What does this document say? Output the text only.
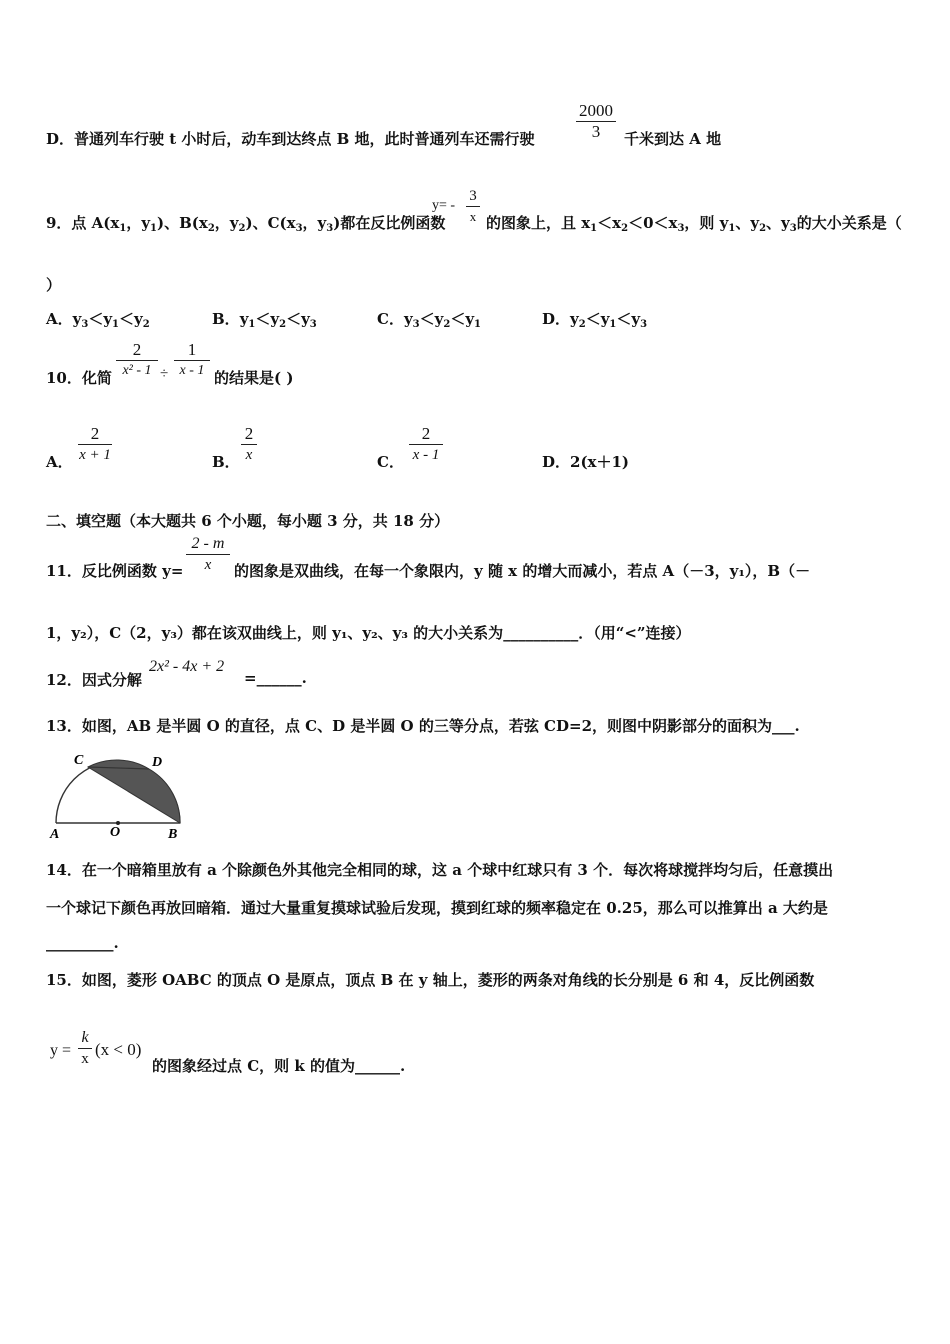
D．普通列车行驶 t 小时后，动车到达终点 B 地，此时普通列车还需行驶
2000
3	千米到达 A 地
9．点 $A(x_1$，$y_1$)、$B(x_2$，$y_2$)、$C(x_3$，$y_3$)都在反比例函数
y= -
3
x 的图象上，且 $x_1<x_2<0<x_3$，则 $y_1$、$y_2$、$y_3$的大小关系是（
）
A．$y_3<y_1<y_2$	B．$y_1<y_2<y_3$	C．$y_3<y_2<y_1$	D．$y_2<y_1<y_3$
10．化简
2
x² - 1 ÷
1
x - 1 的结果是( )
A．
2
x + 1	B．
2
x	C．
2
x - 1	D．2(x＋1)
二、填空题（本大题共 6 个小题，每小题 3 分，共 18 分）
11．反比例函数 y=
2 - m
x	的图象是双曲线，在每一个象限内，y 随 x 的增大而减小，若点 A（－3，y₁），B（－
1，y₂），C（2，y₃）都在该双曲线上，则 y₁、y₂、y₃ 的大小关系为__________．（用“<”连接）
12．因式分解
2x² - 4x + 2
=______.
13．如图，AB 是半圆 O 的直径，点 C、D 是半圆 O 的三等分点，若弦 CD=2，则图中阴影部分的面积为___.
C	D
A	O	B
14．在一个暗箱里放有 a 个除颜色外其他完全相同的球，这 a 个球中红球只有 3 个．每次将球搅拌均匀后，任意摸出
一个球记下颜色再放回暗箱．通过大量重复摸球试验后发现，摸到红球的频率稳定在 0.25，那么可以推算出 a 大约是
_________.
15．如图，菱形 OABC 的顶点 O 是原点，顶点 B 在 y 轴上，菱形的两条对角线的长分别是 6 和 4，反比例函数
y =
k
x (x < 0)
的图象经过点 C，则 k 的值为______.
